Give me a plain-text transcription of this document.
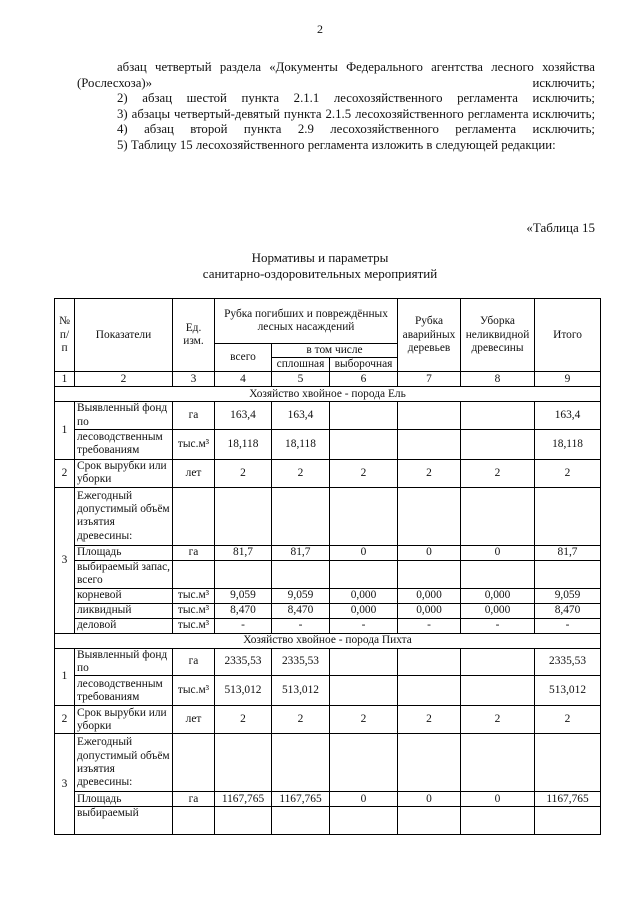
2

абзац четвертый раздела «Документы Федерального агентства лесного хозяйства (Рослесхоза)» исключить;

2) абзац шестой пункта 2.1.1 лесохозяйственного регламента исключить;

3) абзацы четвертый-девятый пункта 2.1.5 лесохозяйственного регламента исключить;

4) абзац второй пункта 2.9 лесохозяйственного регламента исключить;

5) Таблицу 15 лесохозяйственного регламента изложить в следующей редакции:

«Таблица 15
Нормативы и параметры
санитарно-оздоровительных мероприятий
№ п/п	Показатели	Ед. изм.	Рубка погибших и повреждённых лесных насаждений			Рубка аварийных деревьев	Уборка неликвидной древесины	Итого
			всего	в том числе				
				сплошная	выборочная			
1	2	3	4	5	6	7	8	9
Хозяйство хвойное - порода Ель								
1	Выявленный фонд по	га	163,4	163,4				163,4
	лесоводственным требованиям	тыс.м³	18,118	18,118				18,118
2	Срок вырубки или уборки	лет	2	2	2	2	2	2
3	Ежегодный допустимый объём изъятия древесины:							
	Площадь	га	81,7	81,7	0	0	0	81,7
	выбираемый запас, всего							
	корневой	тыс.м³	9,059	9,059	0,000	0,000	0,000	9,059
	ликвидный	тыс.м³	8,470	8,470	0,000	0,000	0,000	8,470
	деловой	тыс.м³	-	-	-	-	-	-
Хозяйство хвойное - порода Пихта								
1	Выявленный фонд по	га	2335,53	2335,53				2335,53
	лесоводственным требованиям	тыс.м³	513,012	513,012				513,012
2	Срок вырубки или уборки	лет	2	2	2	2	2	2
3	Ежегодный допустимый объём изъятия древесины:							
	Площадь	га	1167,765	1167,765	0	0	0	1167,765
	выбираемый							
